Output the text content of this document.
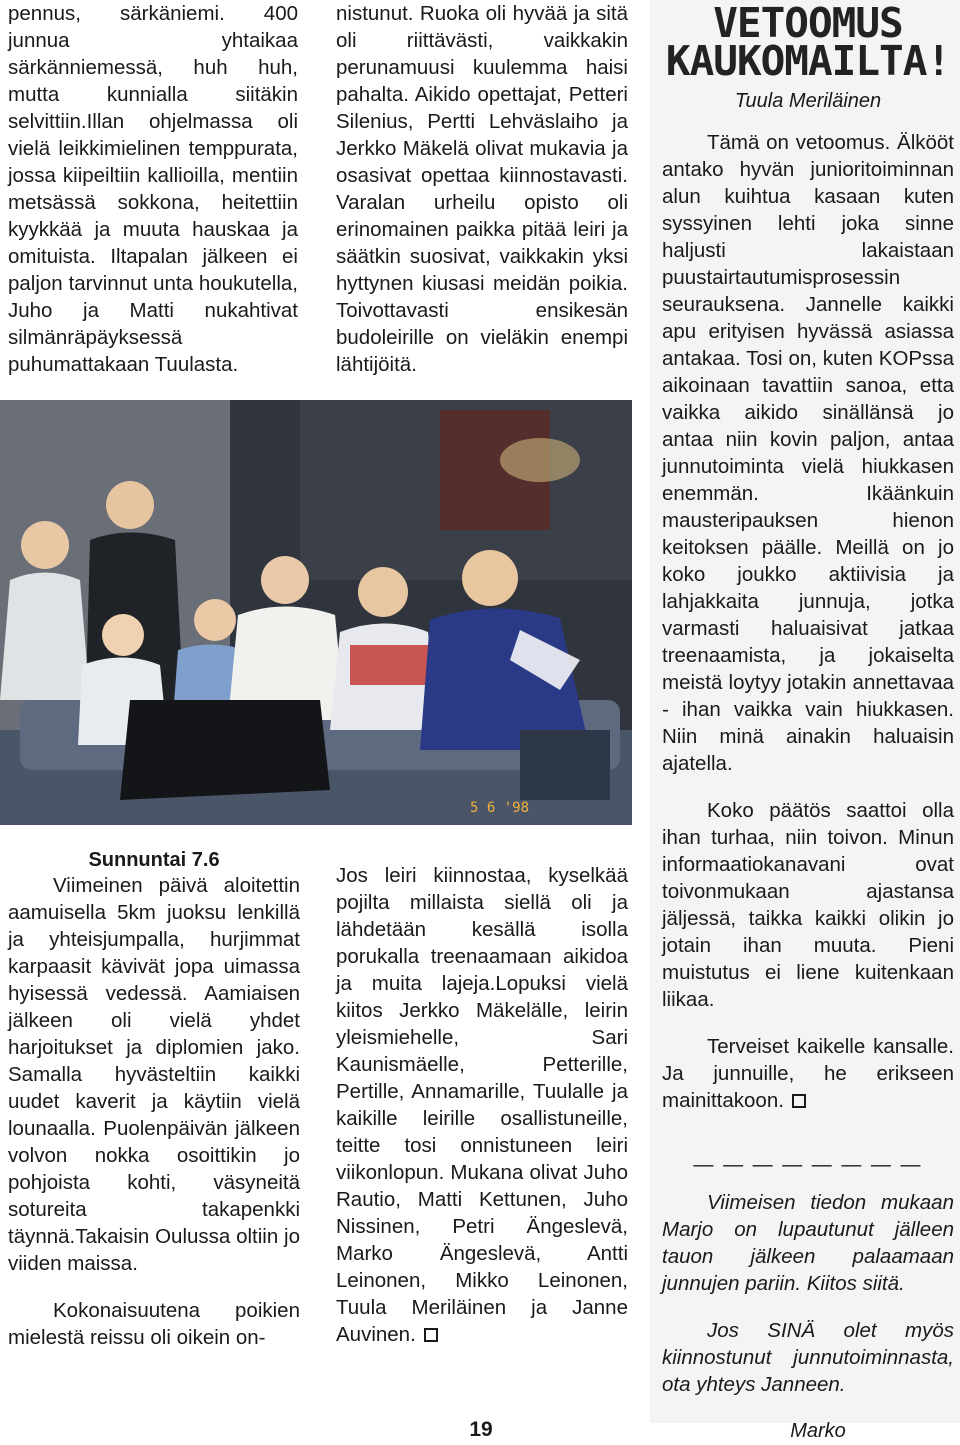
pennus, särkäniemi. 400 junnua yhtaikaa särkänniemessä, huh huh, mutta kunnialla siitäkin selvittiin.Illan ohjelmassa oli vielä leikkimielinen temppurata, jossa kiipeiltiin kallioilla, mentiin metsässä sokkona, heitettiin kyykkää ja muuta hauskaa ja omituista. Iltapalan jälkeen ei paljon tarvinnut unta houkutella, Juho ja Matti nukahtivat silmänräpäyksessä puhumattakaan Tuulasta.

nistunut. Ruoka oli hyvää ja sitä oli riittävästi, vaikkakin perunamuusi kuulemma haisi pahalta. Aikido opettajat, Petteri Silenius, Pertti Lehväslaiho ja Jerkko Mäkelä olivat mukavia ja osasivat opettaa kiinnostavasti. Varalan urheilu opisto oli erinomainen paikka pitää leiri ja säätkin suosivat, vaikkakin yksi hyttynen kiusasi meidän poikia. Toivottavasti ensikesän budoleirille on vieläkin enempi lähtijöitä.

5 6 '98

Sunnuntai 7.6

Viimeinen päivä aloitettin aamuisella 5km juoksu lenkillä ja yhteisjumpalla, hurjimmat karpaasit kävivät jopa uimassa hyisessä vedessä. Aamiaisen jälkeen oli vielä yhdet harjoitukset ja diplomien jako. Samalla hyvästeltiin kaikki uudet kaverit ja käytiin vielä lounaalla. Puolenpäivän jälkeen volvon nokka osoittikin jo pohjoista kohti, väsyneitä sotureita takapenkki täynnä.Takaisin Oulussa oltiin jo viiden maissa.

Kokonaisuutena poikien mielestä reissu oli oikein on-

Jos leiri kiinnostaa, kyselkää pojilta millaista siellä oli ja lähdetään kesällä isolla porukalla treenaamaan aikidoa ja muita lajeja.Lopuksi vielä kiitos Jerkko Mäkelälle, leirin yleismiehelle, Sari Kaunismäelle, Petterille, Pertille, Annamarille, Tuulalle ja kaikille leirille osallistuneille, teitte tosi onnistuneen leiri viikonlopun. Mukana olivat Juho Rautio, Matti Kettunen, Juho Nissinen, Petri Ängeslevä, Marko Ängeslevä, Antti Leinonen, Mikko Leinonen, Tuula Meriläinen ja Janne Auvinen.

VETOOMUS KAUKOMAILTA!
Tuula Meriläinen

Tämä on vetoomus. Älkööt antako hyvän junioritoiminnan alun kuihtua kasaan kuten syssyinen lehti joka sinne haljusti lakaistaan puustairtautumisprosessin seurauksena. Jannelle kaikki apu erityisen hyvässä asiassa antakaa. Tosi on, kuten KOPssa aikoinaan tavattiin sanoa, etta vaikka aikido sinällänsä jo antaa niin kovin paljon, antaa junnutoiminta vielä hiukkasen enemmän. Ikäänkuin mausteripauksen hienon keitoksen päälle. Meillä on jo koko joukko aktiivisia ja lahjakkaita junnuja, jotka varmasti haluaisivat jatkaa treenaamista, ja jokaiselta meistä loytyy jotakin annettavaa - ihan vaikka vain hiukkasen. Niin minä ainakin haluaisin ajatella.

Koko päätös saattoi olla ihan turhaa, niin toivon. Minun informaatiokanavani ovat toivonmukaan ajastansa jäljessä, taikka kaikki olikin jo jotain ihan muuta. Pieni muistutus ei liene kuitenkaan liikaa.

Terveiset kaikelle kansalle. Ja junnuille, he erikseen mainittakoon.

— — — — — — — —

Viimeisen tiedon mukaan Marjo on lupautunut jälleen tauon jälkeen palaamaan junnujen pariin. Kiitos siitä.

Jos SINÄ olet myös kiinnostunut junnutoiminnasta, ota yhteys Janneen.

Marko
19
